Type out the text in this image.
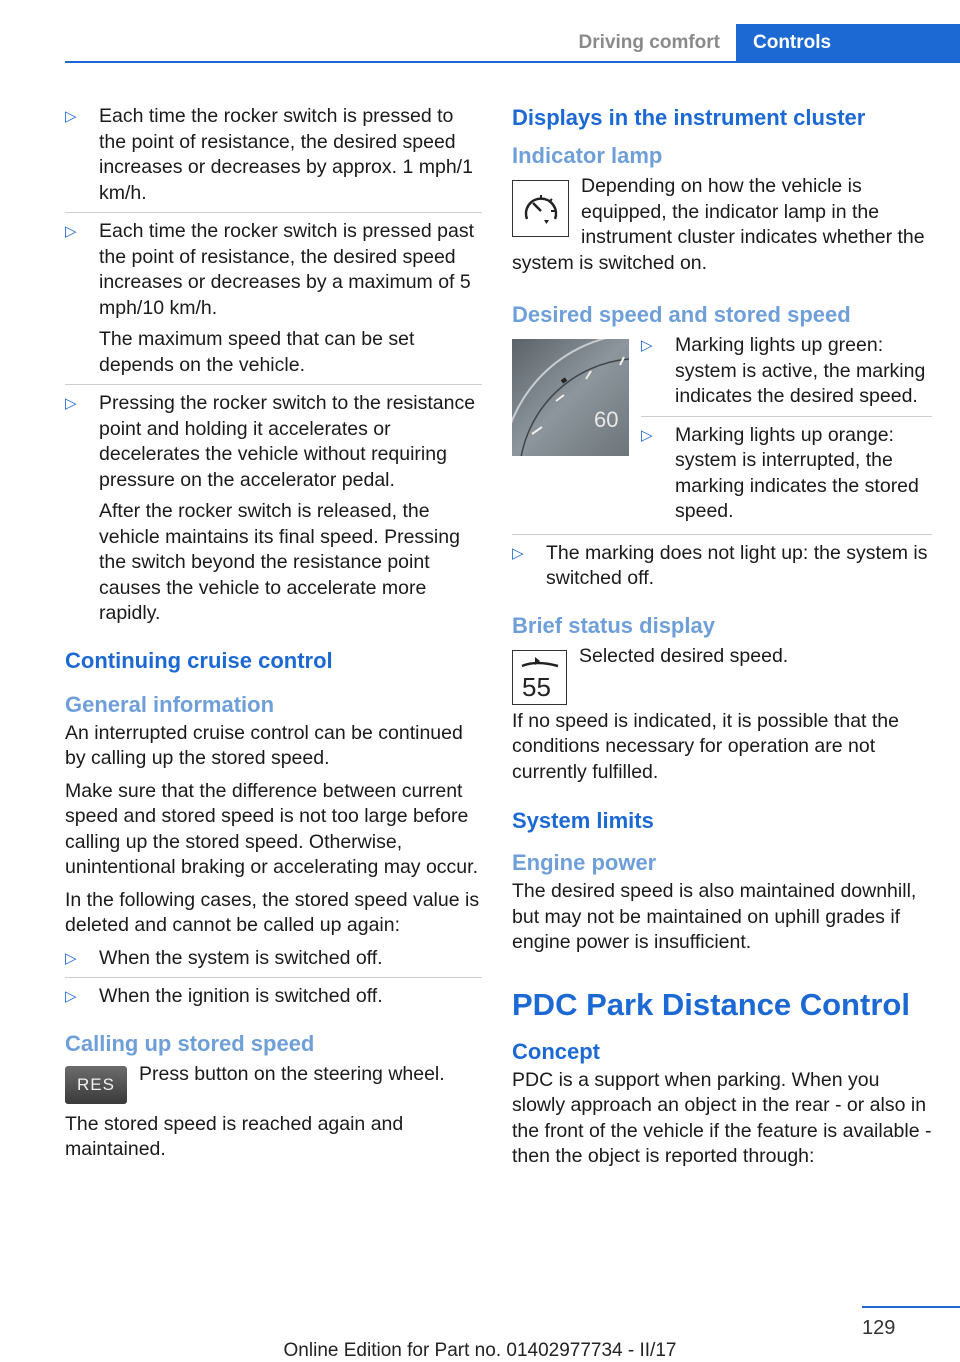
Driving comfort	Controls
▷ Each time the rocker switch is pressed to the point of resistance, the desired speed increases or decreases by approx. 1 mph/1 km/h.
▷ Each time the rocker switch is pressed past the point of resistance, the desired speed increases or decreases by a maximum of 5 mph/10 km/h.
The maximum speed that can be set depends on the vehicle.
▷ Pressing the rocker switch to the resistance point and holding it accelerates or decelerates the vehicle without requiring pressure on the accelerator pedal.
After the rocker switch is released, the vehicle maintains its final speed. Pressing the switch beyond the resistance point causes the vehicle to accelerate more rapidly.
Continuing cruise control
General information

An interrupted cruise control can be continued by calling up the stored speed.

Make sure that the difference between current speed and stored speed is not too large before calling up the stored speed. Otherwise, unintentional braking or accelerating may occur.

In the following cases, the stored speed value is deleted and cannot be called up again:

▷ When the system is switched off.
▷ When the ignition is switched off.
Calling up stored speed
RES	Press button on the steering wheel.

The stored speed is reached again and maintained.

Displays in the instrument cluster
Indicator lamp

Depending on how the vehicle is equipped, the indicator lamp in the instrument cluster indicates whether the system is switched on.

Desired speed and stored speed
60
▷ Marking lights up green: system is active, the marking indicates the desired speed.
▷ Marking lights up orange: system is interrupted, the marking indicates the stored speed.
▷ The marking does not light up: the system is switched off.
Brief status display
55

Selected desired speed.

If no speed is indicated, it is possible that the conditions necessary for operation are not currently fulfilled.

System limits
Engine power

The desired speed is also maintained downhill, but may not be maintained on uphill grades if engine power is insufficient.

PDC Park Distance Control
Concept

PDC is a support when parking. When you slowly approach an object in the rear - or also in the front of the vehicle if the feature is available - then the object is reported through:

129
Online Edition for Part no. 01402977734 - II/17
